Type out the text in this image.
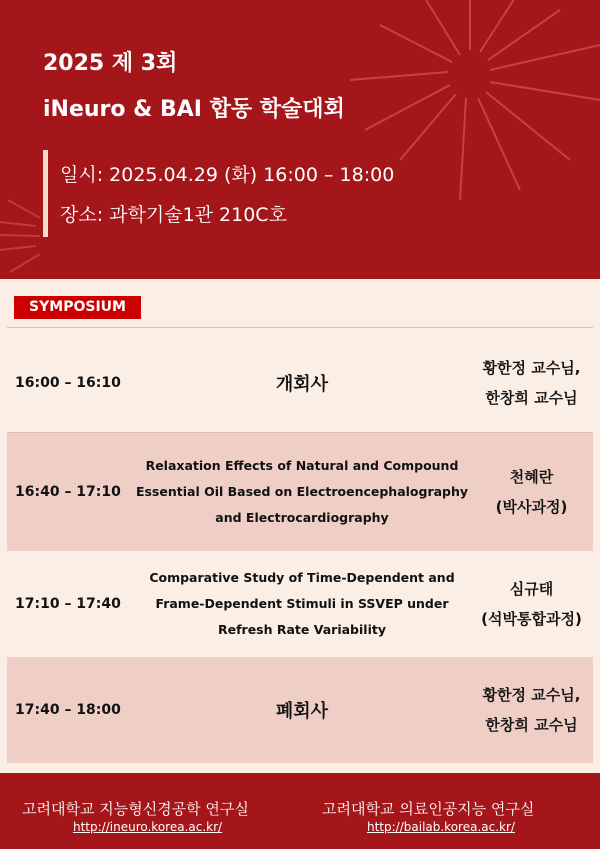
2025 제 3회
iNeuro & BAI 합동 학술대회
일시: 2025.04.29 (화) 16:00 – 18:00
장소: 과학기술1관 210C호
SYMPOSIUM
16:00 – 16:10	개회사
황한정 교수님,
한창희 교수님
16:40 – 17:10
Relaxation Effects of Natural and Compound
Essential Oil Based on Electroencephalography
and Electrocardiography
천혜란
(박사과정)
17:10 – 17:40
Comparative Study of Time-Dependent and
Frame-Dependent Stimuli in SSVEP under
Refresh Rate Variability
심규태
(석박통합과정)
17:40 – 18:00	폐회사
황한정 교수님,
한창희 교수님
고려대학교 지능형신경공학 연구실
http://ineuro.korea.ac.kr/
고려대학교 의료인공지능 연구실
http://bailab.korea.ac.kr/
